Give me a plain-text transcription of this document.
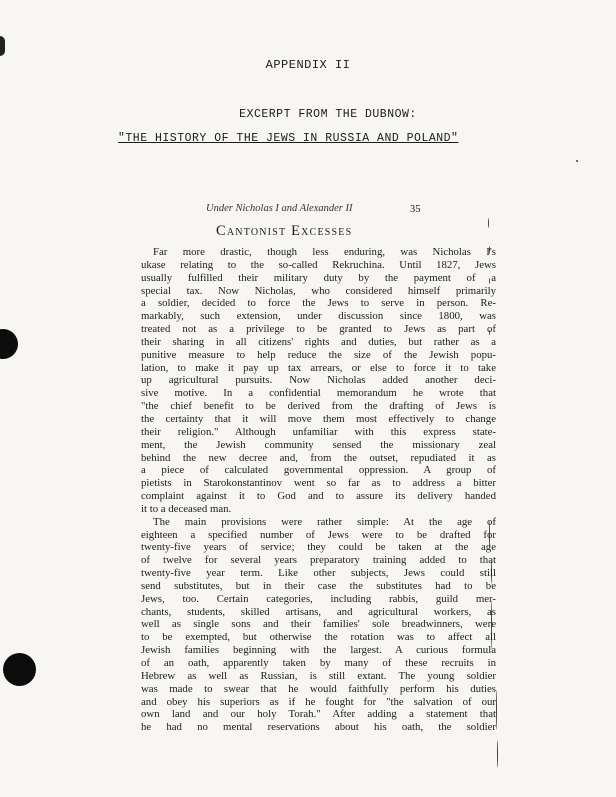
APPENDIX II
EXCERPT FROM THE DUBNOW:
"THE HISTORY OF THE JEWS IN RUSSIA AND POLAND"
Under Nicholas I and Alexander II	35
Cantonist Excesses
Far more drastic, though less enduring, was Nicholas I's
ukase relating to the so-called Rekruchina. Until 1827, Jews
usually fulfilled their military duty by the payment of a
special tax. Now Nicholas, who considered himself primarily
a soldier, decided to force the Jews to serve in person. Re-
markably, such extension, under discussion since 1800, was
treated not as a privilege to be granted to Jews as part of
their sharing in all citizens' rights and duties, but rather as a
punitive measure to help reduce the size of the Jewish popu-
lation, to make it pay up tax arrears, or else to force it to take
up agricultural pursuits. Now Nicholas added another deci-
sive motive. In a confidential memorandum he wrote that
"the chief benefit to be derived from the drafting of Jews is
the certainty that it will move them most effectively to change
their religion." Although unfamiliar with this express state-
ment, the Jewish community sensed the missionary zeal
behind the new decree and, from the outset, repudiated it as
a piece of calculated governmental oppression. A group of
pietists in Starokonstantinov went so far as to address a bitter
complaint against it to God and to assure its delivery handed
it to a deceased man.
The main provisions were rather simple: At the age of
eighteen a specified number of Jews were to be drafted for
twenty-five years of service; they could be taken at the age
of twelve for several years preparatory training added to that
twenty-five year term. Like other subjects, Jews could still
send substitutes, but in their case the substitutes had to be
Jews, too. Certain categories, including rabbis, guild mer-
chants, students, skilled artisans, and agricultural workers, as
well as single sons and their families' sole breadwinners, were
to be exempted, but otherwise the rotation was to affect all
Jewish families beginning with the largest. A curious formula
of an oath, apparently taken by many of these recruits in
Hebrew as well as Russian, is still extant. The young soldier
was made to swear that he would faithfully perform his duties
and obey his superiors as if he fought for "the salvation of our
own land and our holy Torah." After adding a statement that
he had no mental reservations about his oath, the soldier
